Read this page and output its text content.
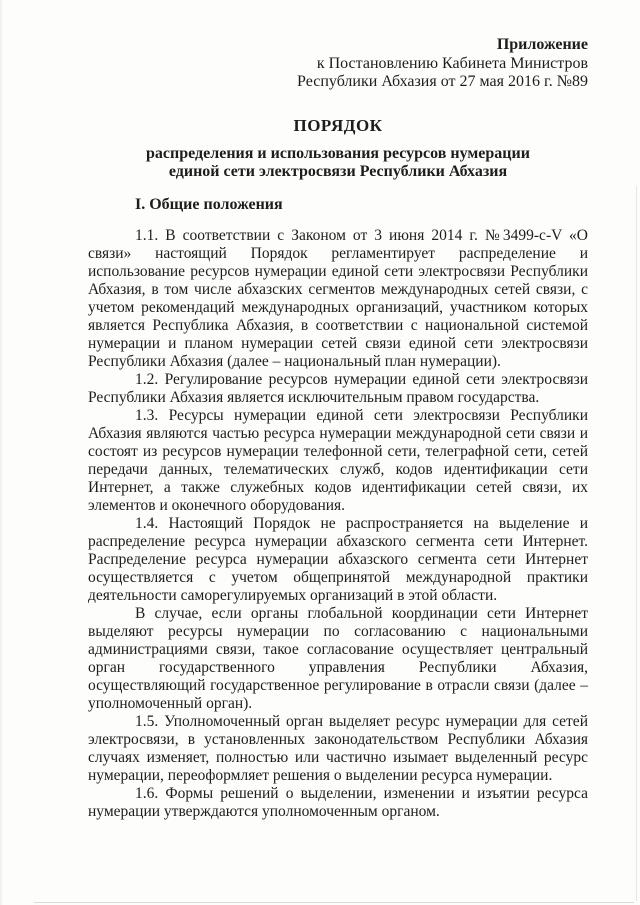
Приложение
к Постановлению Кабинета Министров
Республики Абхазия от 27 мая 2016 г. №89
ПОРЯДОК
распределения и использования ресурсов нумерации
единой сети электросвязи Республики Абхазия
I. Общие положения

1.1. В соответствии с Законом от 3 июня 2014 г. №3499-с-V «О связи» настоящий Порядок регламентирует распределение и использование ресурсов нумерации единой сети электросвязи Республики Абхазия, в том числе абхазских сегментов международных сетей связи, с учетом рекомендаций международных организаций, участником которых является Республика Абхазия, в соответствии с национальной системой нумерации и планом нумерации сетей связи единой сети электросвязи Республики Абхазия (далее – национальный план нумерации).

1.2. Регулирование ресурсов нумерации единой сети электросвязи Республики Абхазия является исключительным правом государства.

1.3. Ресурсы нумерации единой сети электросвязи Республики Абхазия являются частью ресурса нумерации международной сети связи и состоят из ресурсов нумерации телефонной сети, телеграфной сети, сетей передачи данных, телематических служб, кодов идентификации сети Интернет, а также служебных кодов идентификации сетей связи, их элементов и оконечного оборудования.

1.4. Настоящий Порядок не распространяется на выделение и распределение ресурса нумерации абхазского сегмента сети Интернет. Распределение ресурса нумерации абхазского сегмента сети Интернет осуществляется с учетом общепринятой международной практики деятельности саморегулируемых организаций в этой области.

В случае, если органы глобальной координации сети Интернет выделяют ресурсы нумерации по согласованию с национальными администрациями связи, такое согласование осуществляет центральный орган государственного управления Республики Абхазия, осуществляющий государственное регулирование в отрасли связи (далее – уполномоченный орган).

1.5. Уполномоченный орган выделяет ресурс нумерации для сетей электросвязи, в установленных законодательством Республики Абхазия случаях изменяет, полностью или частично изымает выделенный ресурс нумерации, переоформляет решения о выделении ресурса нумерации.

1.6. Формы решений о выделении, изменении и изъятии ресурса нумерации утверждаются уполномоченным органом.
